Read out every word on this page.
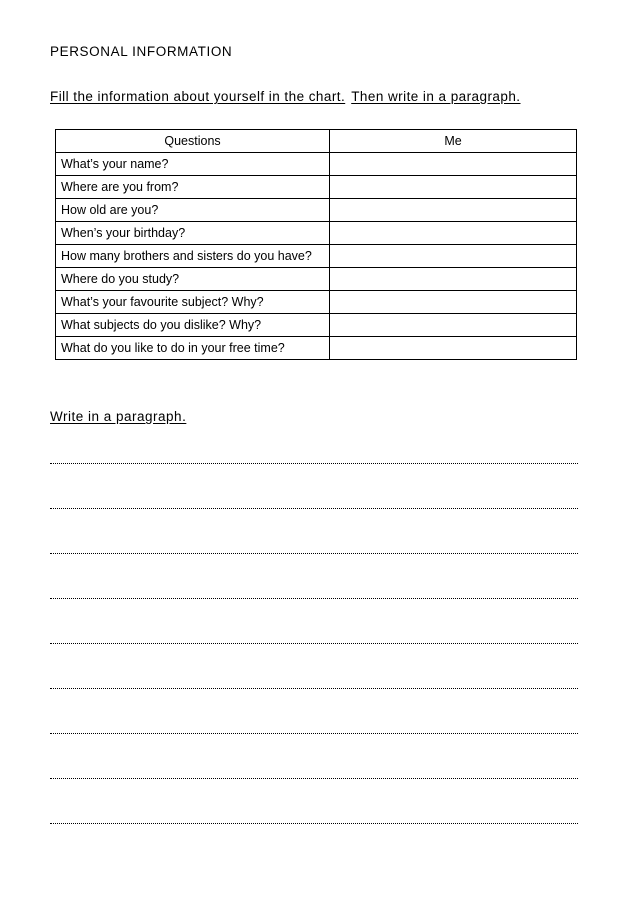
PERSONAL INFORMATION
Fill the information about yourself in the chart. Then write in a paragraph.
Questions	Me
What’s your name?	
Where are you from?	
How old are you?	
When’s your birthday?	
How many brothers and sisters do you have?	
Where do you study?	
What’s your favourite subject? Why?	
What subjects do you dislike? Why?	
What do you like to do in your free time?	
Write in a paragraph.
